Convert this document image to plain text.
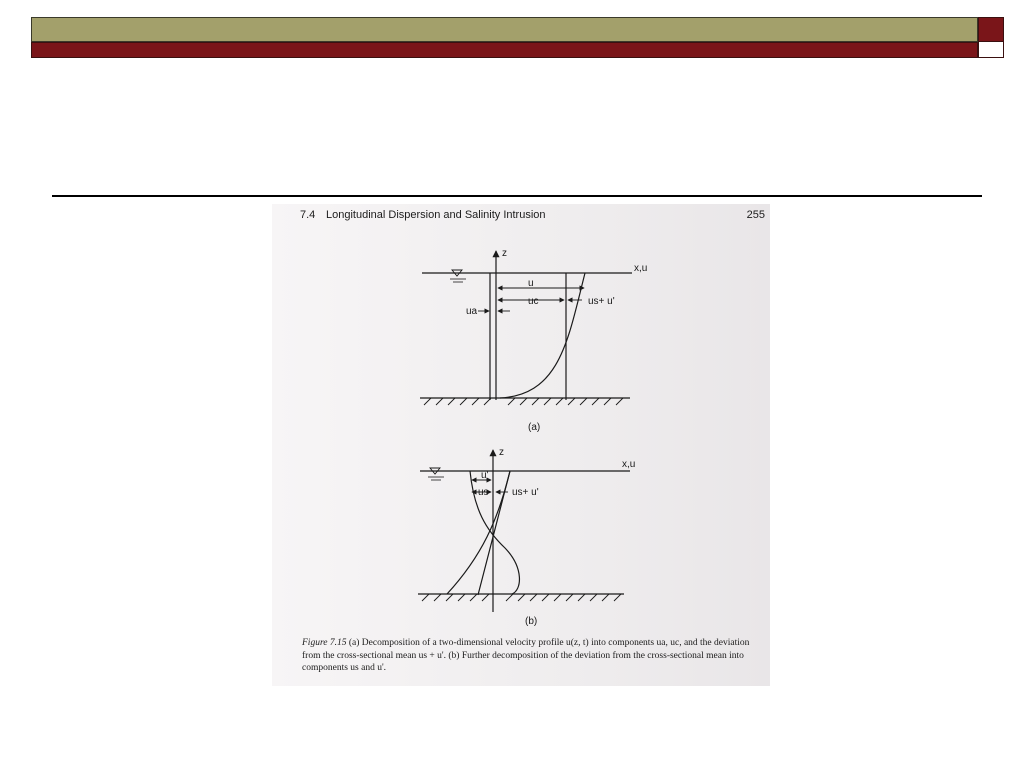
7.4 Longitudinal Dispersion and Salinity Intrusion	255
z
x,u
u
uc	us+ u'
ua
(a)
z
x,u
u'
us us+ u'
(b)
Figure 7.15 (a) Decomposition of a two-dimensional velocity profile u(z, t) into components ua, uc, and the deviation from the cross-sectional mean us + u'. (b) Further decomposition of the deviation from the cross-sectional mean into components us and u'.
